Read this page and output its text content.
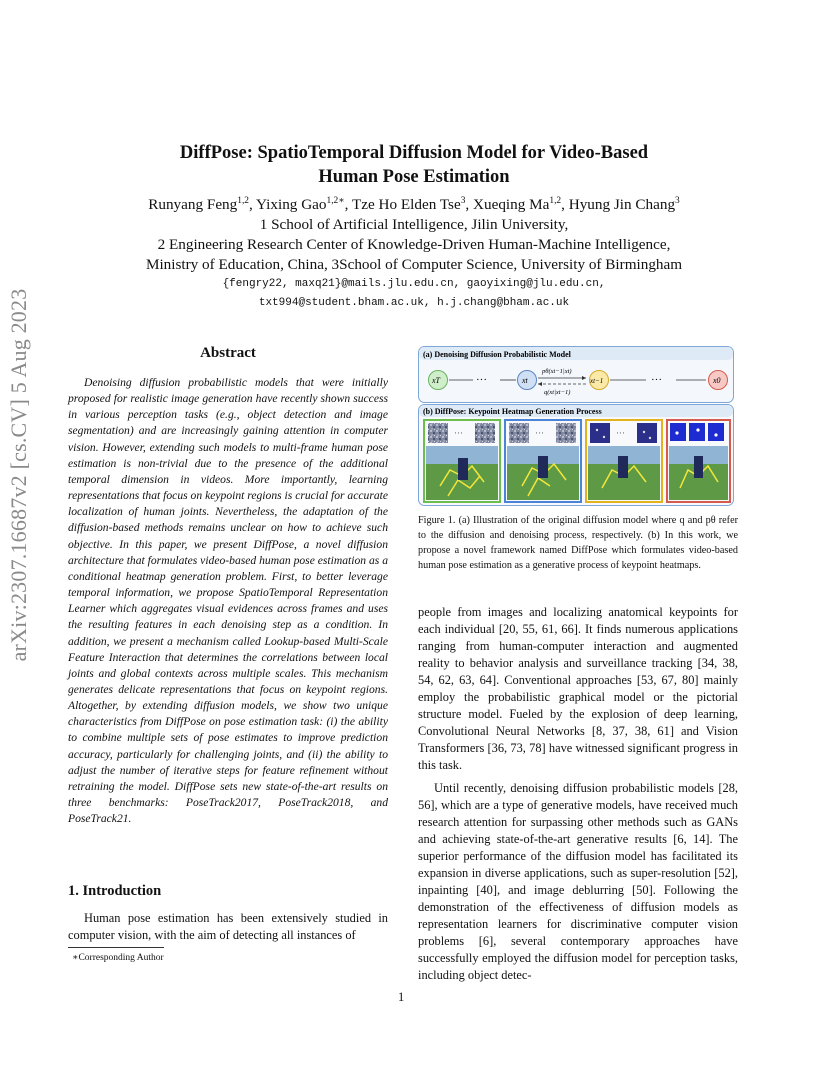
arXiv:2307.16687v2 [cs.CV] 5 Aug 2023
DiffPose: SpatioTemporal Diffusion Model for Video-Based
Human Pose Estimation
Runyang Feng$^{1,2}$, Yixing Gao$^{1,2∗}$, Tze Ho Elden Tse$^3$, Xueqing Ma$^{1,2}$, Hyung Jin Chang$^3$
1 School of Artificial Intelligence, Jilin University,
2 Engineering Research Center of Knowledge-Driven Human-Machine Intelligence,
Ministry of Education, China, 3School of Computer Science, University of Birmingham
{fengry22, maxq21}@mails.jlu.edu.cn, gaoyixing@jlu.edu.cn,
txt994@student.bham.ac.uk, h.j.chang@bham.ac.uk
Abstract

Denoising diffusion probabilistic models that were initially proposed for realistic image generation have recently shown success in various perception tasks (e.g., object detection and image segmentation) and are increasingly gaining attention in computer vision. However, extending such models to multi-frame human pose estimation is non-trivial due to the presence of the additional temporal dimension in videos. More importantly, learning representations that focus on keypoint regions is crucial for accurate localization of human joints. Nevertheless, the adaptation of the diffusion-based methods remains unclear on how to achieve such objective. In this paper, we present DiffPose, a novel diffusion architecture that formulates video-based human pose estimation as a conditional heatmap generation problem. First, to better leverage temporal information, we propose SpatioTemporal Representation Learner which aggregates visual evidences across frames and uses the resulting features in each denoising step as a condition. In addition, we present a mechanism called Lookup-based Multi-Scale Feature Interaction that determines the correlations between local joints and global contexts across multiple scales. This mechanism generates delicate representations that focus on keypoint regions. Altogether, by extending diffusion models, we show two unique characteristics from DiffPose on pose estimation task: (i) the ability to combine multiple sets of pose estimates to improve prediction accuracy, particularly for challenging joints, and (ii) the ability to adjust the number of iterative steps for feature refinement without retraining the model. DiffPose sets new state-of-the-art results on three benchmarks: PoseTrack2017, PoseTrack2018, and PoseTrack21.

1. Introduction

Human pose estimation has been extensively studied in computer vision, with the aim of detecting all instances of

∗Corresponding Author
1
(a) Denoising Diffusion Probabilistic Model
xT	···	xt
pθ(xt−1|xt)
q(xt|xt−1)
xt−1	···	x0
(b) DiffPose: Keypoint Heatmap Generation Process
···	···	···
Figure 1. (a) Illustration of the original diffusion model where q and pθ refer to the diffusion and denoising process, respectively. (b) In this work, we propose a novel framework named DiffPose which formulates video-based human pose estimation as a generative process of keypoint heatmaps.

people from images and localizing anatomical keypoints for each individual [20, 55, 61, 66]. It finds numerous applications ranging from human-computer interaction and augmented reality to behavior analysis and surveillance tracking [34, 38, 54, 62, 63, 64]. Conventional approaches [53, 67, 80] mainly employ the probabilistic graphical model or the pictorial structure model. Fueled by the explosion of deep learning, Convolutional Neural Networks [8, 37, 38, 61] and Vision Transformers [36, 73, 78] have witnessed significant progress in this task.

Until recently, denoising diffusion probabilistic models [28, 56], which are a type of generative models, have received much research attention for surpassing other methods such as GANs and achieving state-of-the-art generative results [6, 14]. The superior performance of the diffusion model has facilitated its expansion in diverse applications, such as super-resolution [52], inpainting [40], and image deblurring [50]. Following the demonstration of the effectiveness of diffusion models as representation learners for discriminative computer vision problems [6], several contemporary approaches have successfully employed the diffusion model for perception tasks, including object detec-
